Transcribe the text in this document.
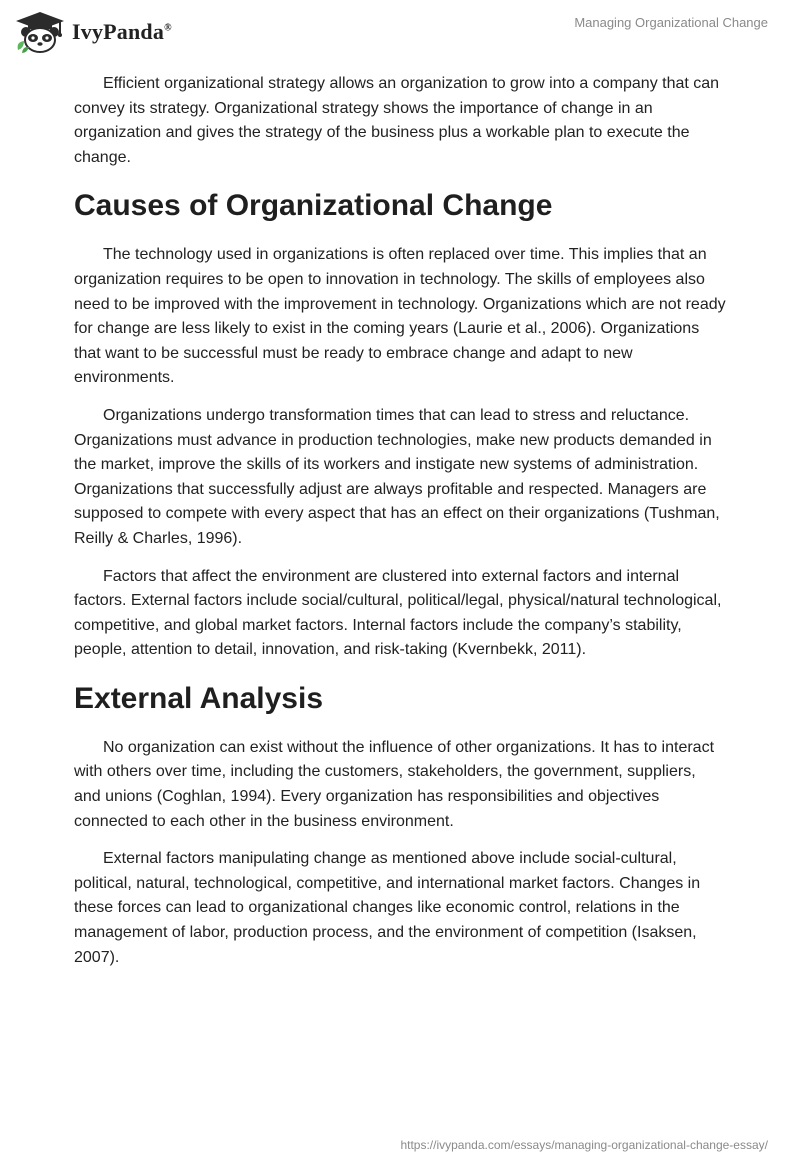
IvyPanda®	Managing Organizational Change

Efficient organizational strategy allows an organization to grow into a company that can convey its strategy. Organizational strategy shows the importance of change in an organization and gives the strategy of the business plus a workable plan to execute the change.

Causes of Organizational Change

The technology used in organizations is often replaced over time. This implies that an organization requires to be open to innovation in technology. The skills of employees also need to be improved with the improvement in technology. Organizations which are not ready for change are less likely to exist in the coming years (Laurie et al., 2006). Organizations that want to be successful must be ready to embrace change and adapt to new environments.

Organizations undergo transformation times that can lead to stress and reluctance. Organizations must advance in production technologies, make new products demanded in the market, improve the skills of its workers and instigate new systems of administration. Organizations that successfully adjust are always profitable and respected. Managers are supposed to compete with every aspect that has an effect on their organizations (Tushman, Reilly & Charles, 1996).

Factors that affect the environment are clustered into external factors and internal factors. External factors include social/cultural, political/legal, physical/natural technological, competitive, and global market factors. Internal factors include the company’s stability, people, attention to detail, innovation, and risk-taking (Kvernbekk, 2011).

External Analysis

No organization can exist without the influence of other organizations. It has to interact with others over time, including the customers, stakeholders, the government, suppliers, and unions (Coghlan, 1994). Every organization has responsibilities and objectives connected to each other in the business environment.

External factors manipulating change as mentioned above include social-cultural, political, natural, technological, competitive, and international market factors. Changes in these forces can lead to organizational changes like economic control, relations in the management of labor, production process, and the environment of competition (Isaksen, 2007).

https://ivypanda.com/essays/managing-organizational-change-essay/
